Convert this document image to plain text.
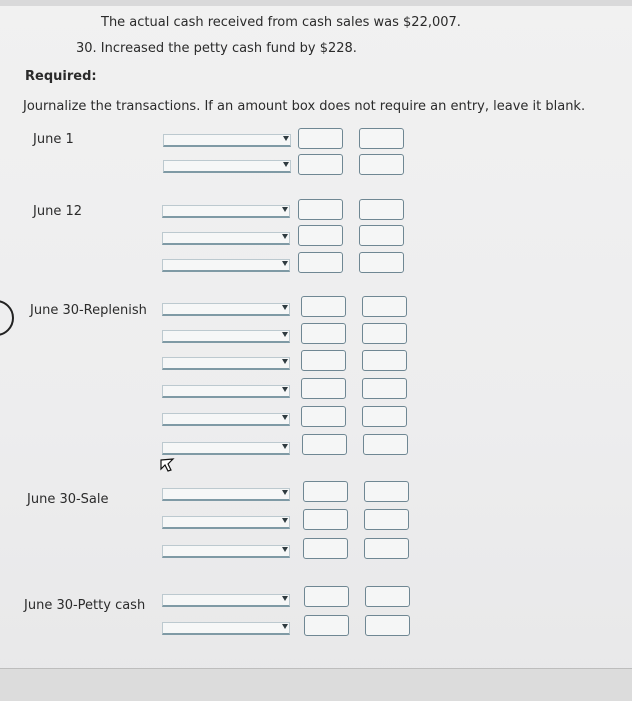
The actual cash received from cash sales was $22,007.
30. Increased the petty cash fund by $228.
Required:
Journalize the transactions. If an amount box does not require an entry, leave it blank.
June 1
June 12
June 30-Replenish
June 30-Sale
June 30-Petty cash
